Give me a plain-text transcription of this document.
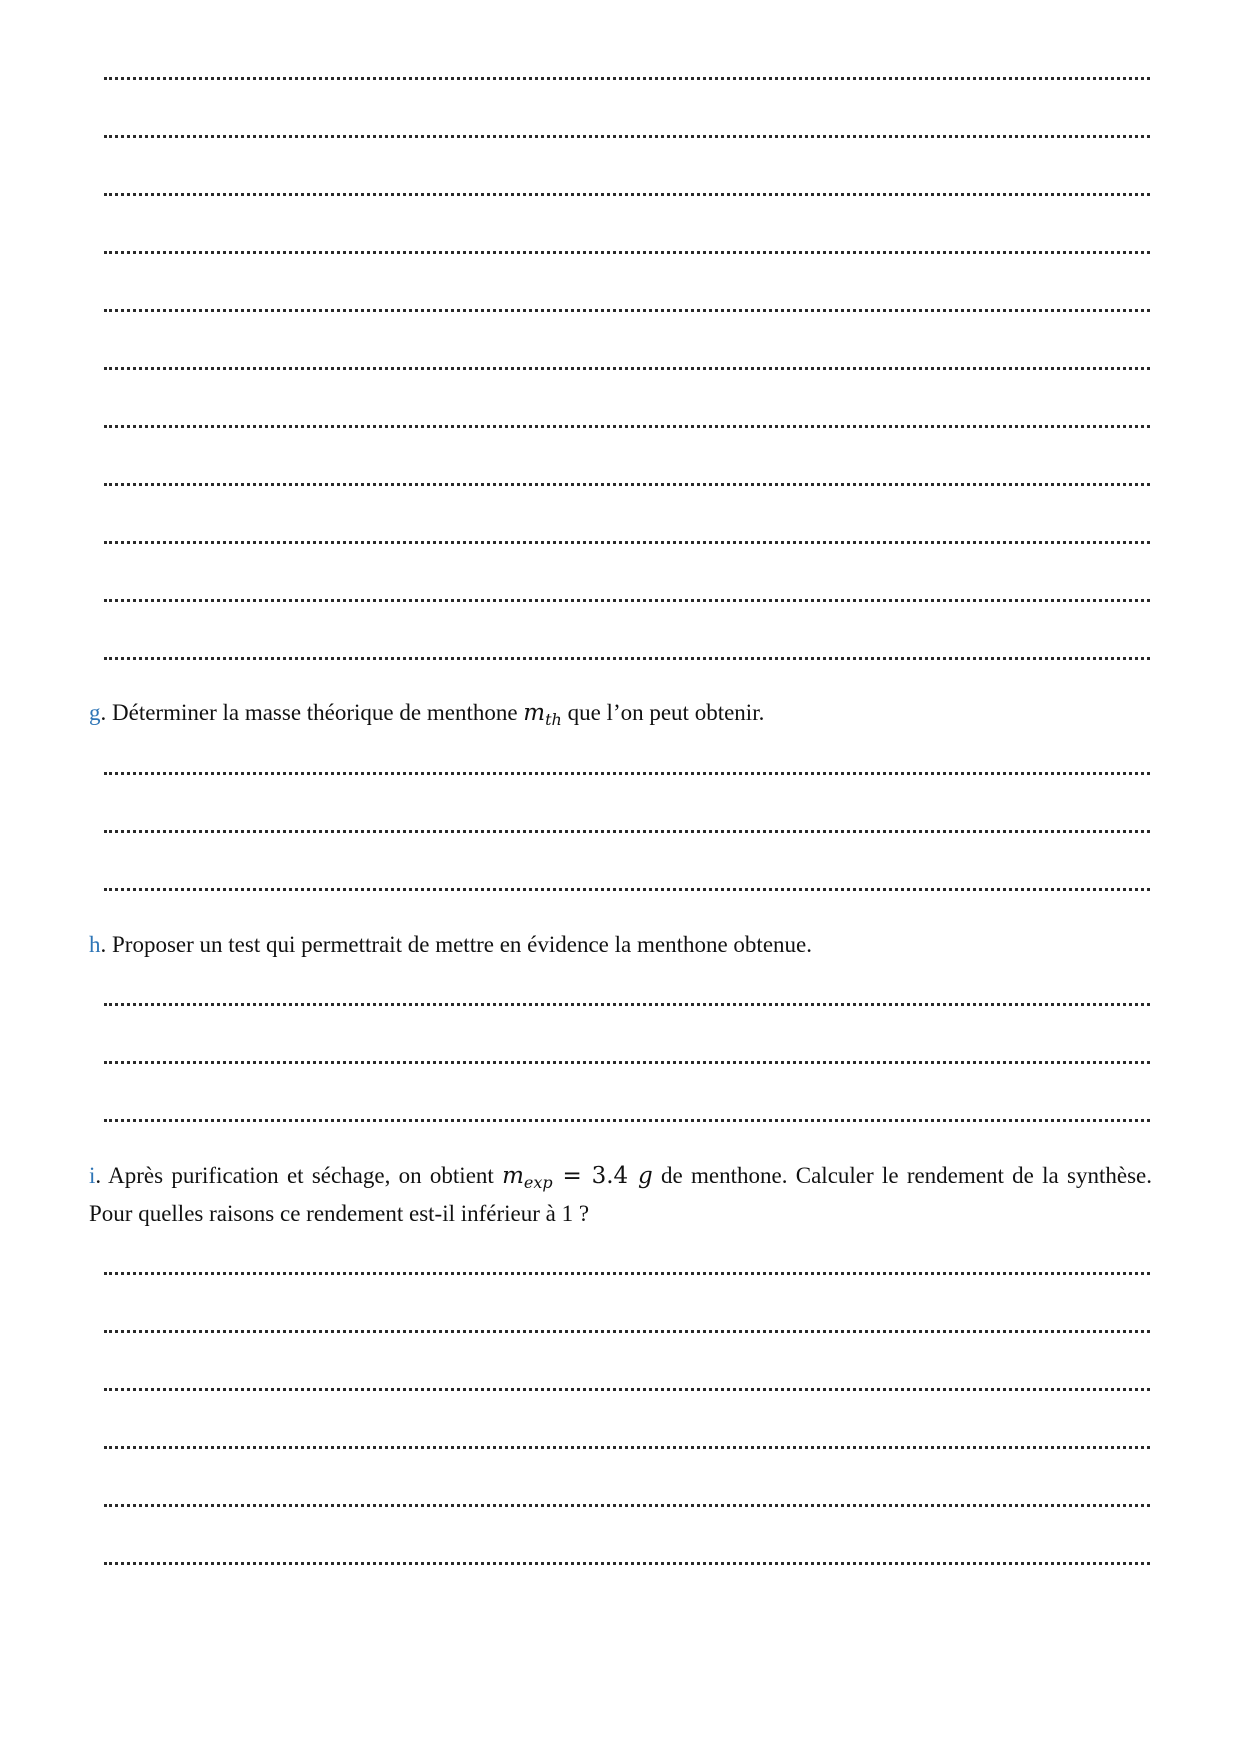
g. Déterminer la masse théorique de menthone $m_{th}$ que l’on peut obtenir.
h. Proposer un test qui permettrait de mettre en évidence la menthone obtenue.
i. Après purification et séchage, on obtient $m_{exp} = 3.4$ g de menthone. Calculer le rendement de la synthèse. Pour quelles raisons ce rendement est-il inférieur à 1 ?
